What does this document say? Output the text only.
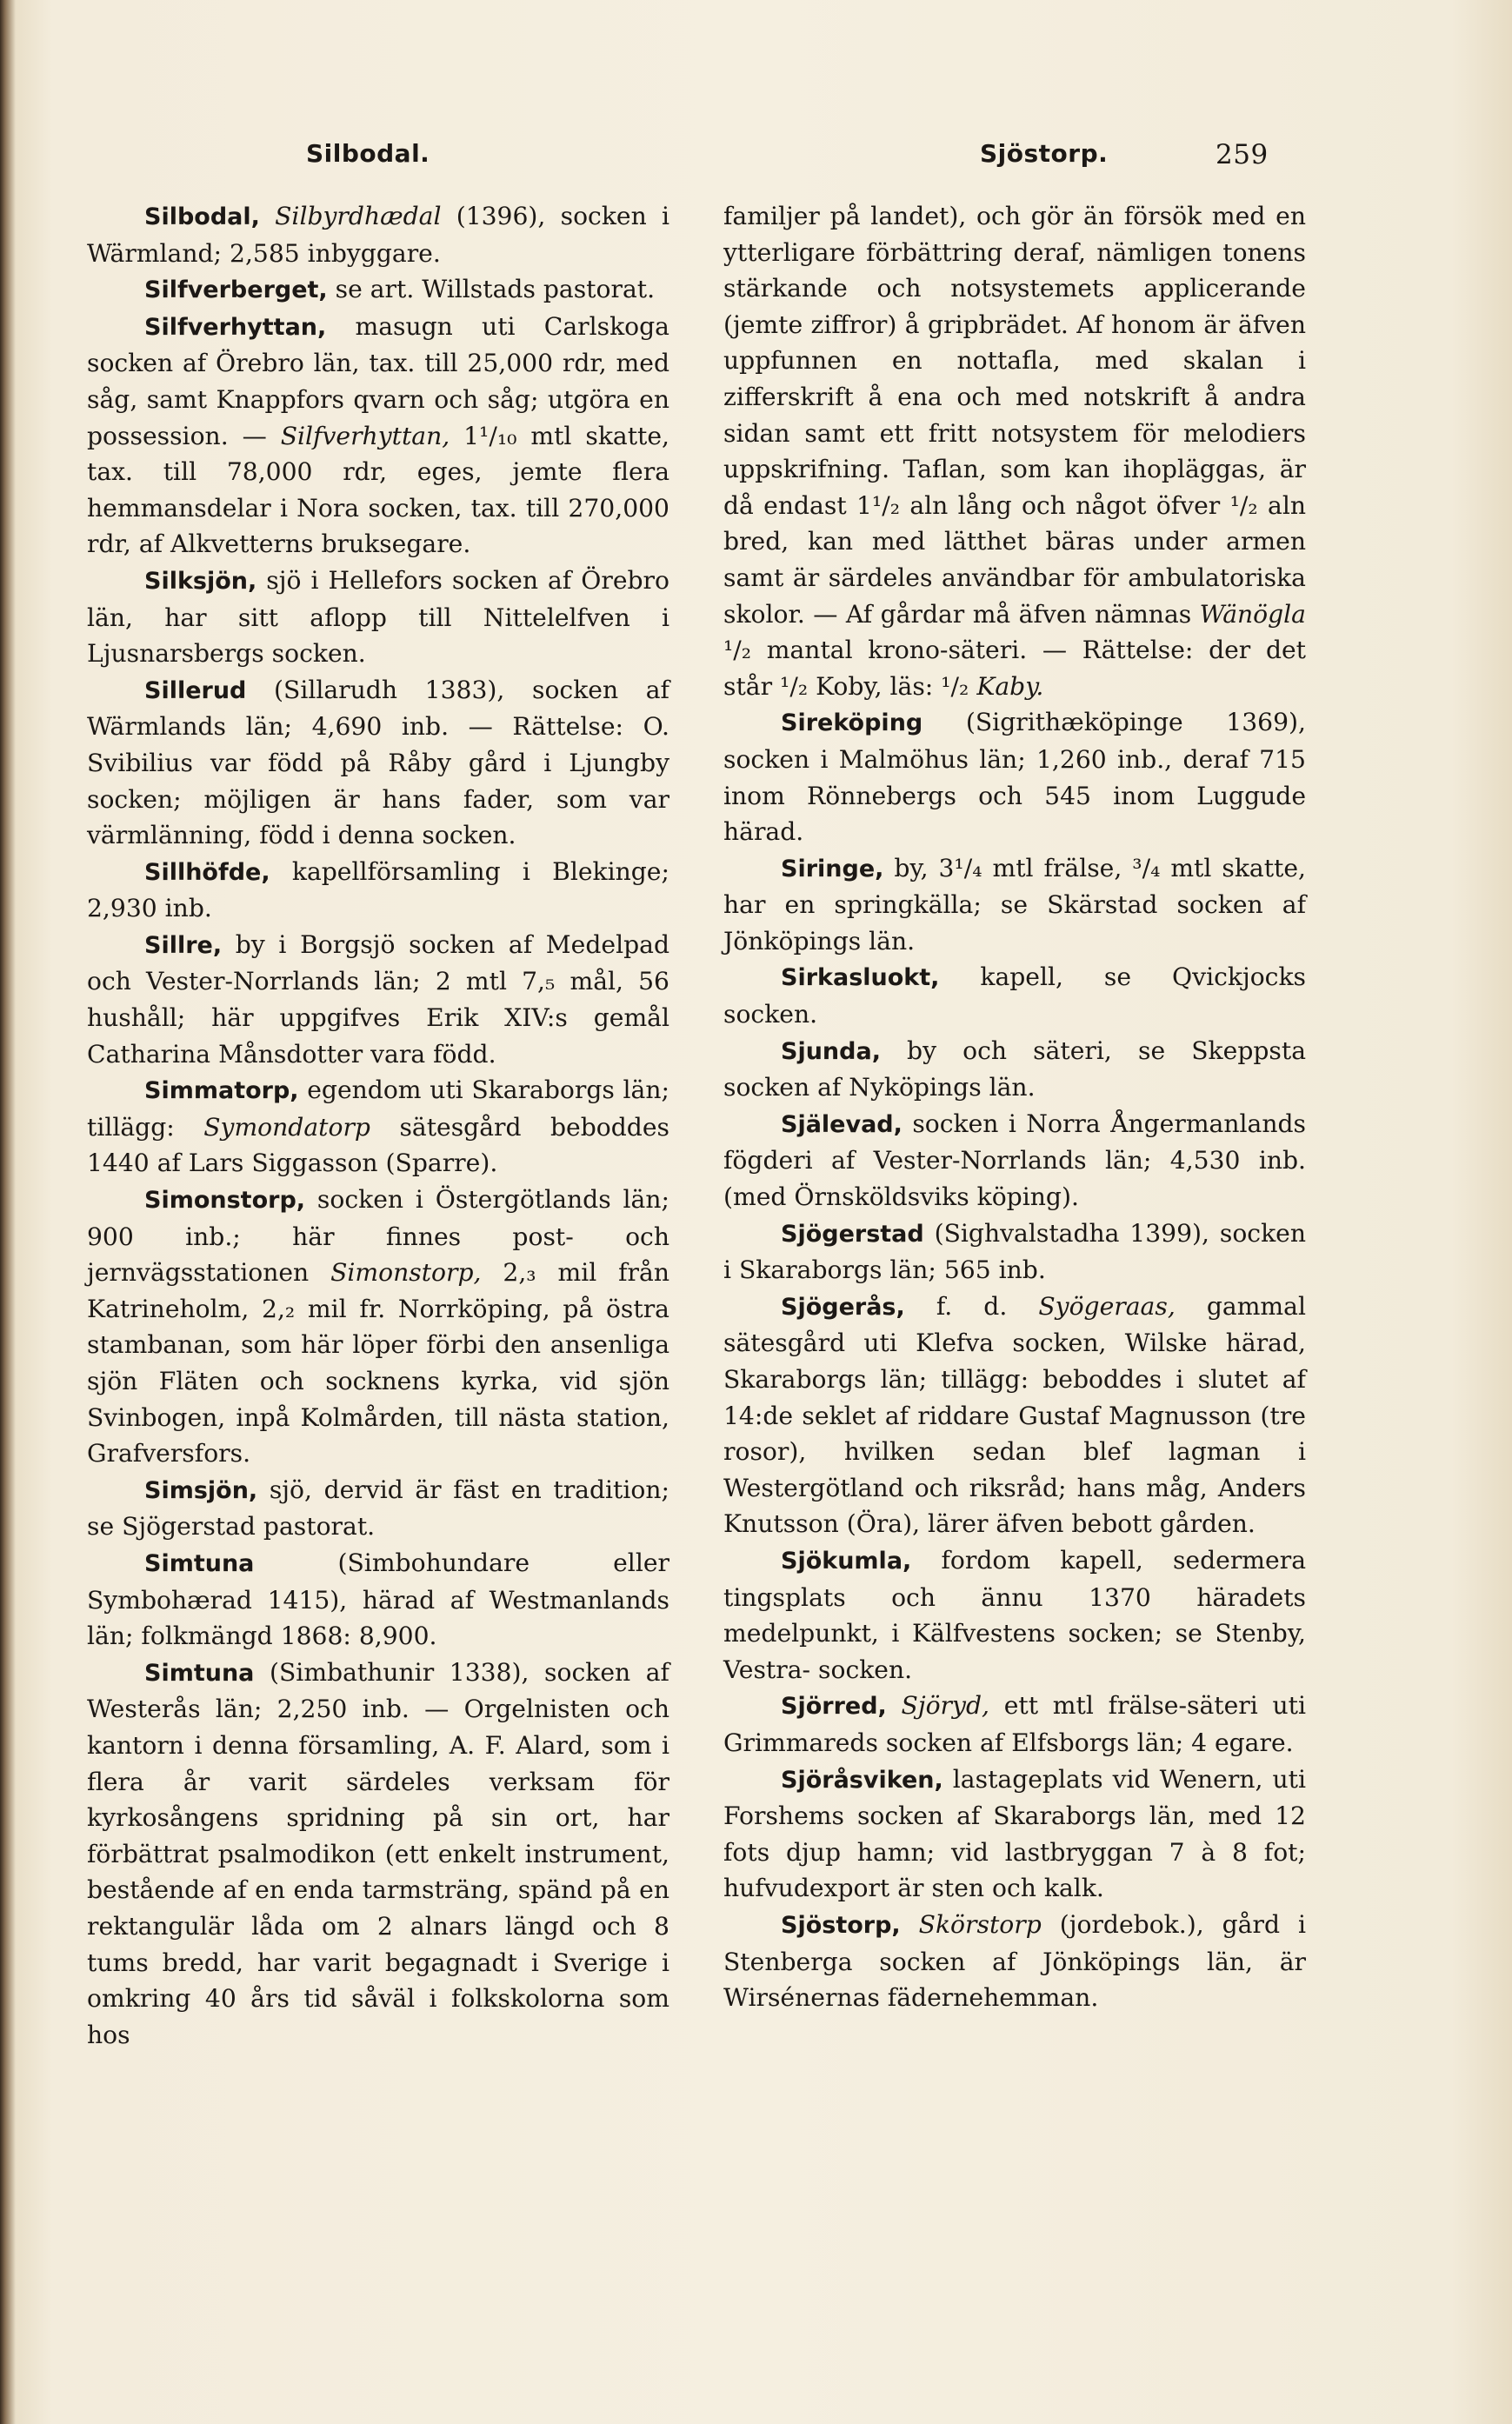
Silbodal.	Sjöstorp.	259

Silbodal, Silbyrdhædal (1396), socken i Wärmland; 2,585 inbyggare.

Silfverberget, se art. Willstads pastorat.

Silfverhyttan, masugn uti Carlskoga socken af Örebro län, tax. till 25,000 rdr, med såg, samt Knappfors qvarn och såg; utgöra en possession. — Silfverhyttan, 1¹/₁₀ mtl skatte, tax. till 78,000 rdr, eges, jemte flera hemmansdelar i Nora socken, tax. till 270,000 rdr, af Alkvetterns bruksegare.

Silksjön, sjö i Hellefors socken af Örebro län, har sitt aflopp till Nittelelfven i Ljusnarsbergs socken.

Sillerud (Sillarudh 1383), socken af Wärmlands län; 4,690 inb. — Rättelse: O. Svibilius var född på Råby gård i Ljungby socken; möjligen är hans fader, som var värmlänning, född i denna socken.

Sillhöfde, kapellförsamling i Blekinge; 2,930 inb.

Sillre, by i Borgsjö socken af Medelpad och Vester-Norrlands län; 2 mtl 7,₅ mål, 56 hushåll; här uppgifves Erik XIV:s gemål Catharina Månsdotter vara född.

Simmatorp, egendom uti Skaraborgs län; tillägg: Symondatorp sätesgård beboddes 1440 af Lars Siggasson (Sparre).

Simonstorp, socken i Östergötlands län; 900 inb.; här finnes post- och jernvägsstationen Simonstorp, 2,₃ mil från Katrineholm, 2,₂ mil fr. Norrköping, på östra stambanan, som här löper förbi den ansenliga sjön Fläten och socknens kyrka, vid sjön Svinbogen, inpå Kolmården, till nästa station, Grafversfors.

Simsjön, sjö, dervid är fäst en tradition; se Sjögerstad pastorat.

Simtuna (Simbohundare eller Symbohærad 1415), härad af Westmanlands län; folkmängd 1868: 8,900.

Simtuna (Simbathunir 1338), socken af Westerås län; 2,250 inb. — Orgelnisten och kantorn i denna församling, A. F. Alard, som i flera år varit särdeles verksam för kyrkosångens spridning på sin ort, har förbättrat psalmodikon (ett enkelt instrument, bestående af en enda tarmsträng, spänd på en rektangulär låda om 2 alnars längd och 8 tums bredd, har varit begagnadt i Sverige i omkring 40 års tid såväl i folkskolorna som hos

familjer på landet), och gör än försök med en ytterligare förbättring deraf, nämligen tonens stärkande och notsystemets applicerande (jemte ziffror) å gripbrädet. Af honom är äfven uppfunnen en nottafla, med skalan i zifferskrift å ena och med notskrift å andra sidan samt ett fritt notsystem för melodiers uppskrifning. Taflan, som kan ihopläggas, är då endast 1¹/₂ aln lång och något öfver ¹/₂ aln bred, kan med lätthet bäras under armen samt är särdeles användbar för ambulatoriska skolor. — Af gårdar må äfven nämnas Wänögla ¹/₂ mantal krono-säteri. — Rättelse: der det står ¹/₂ Koby, läs: ¹/₂ Kaby.

Sireköping (Sigrithæköpinge 1369), socken i Malmöhus län; 1,260 inb., deraf 715 inom Rönnebergs och 545 inom Luggude härad.

Siringe, by, 3¹/₄ mtl frälse, ³/₄ mtl skatte, har en springkälla; se Skärstad socken af Jönköpings län.

Sirkasluokt, kapell, se Qvickjocks socken.

Sjunda, by och säteri, se Skeppsta socken af Nyköpings län.

Själevad, socken i Norra Ångermanlands fögderi af Vester-Norrlands län; 4,530 inb. (med Örnsköldsviks köping).

Sjögerstad (Sighvalstadha 1399), socken i Skaraborgs län; 565 inb.

Sjögerås, f. d. Syögeraas, gammal sätesgård uti Klefva socken, Wilske härad, Skaraborgs län; tillägg: beboddes i slutet af 14:de seklet af riddare Gustaf Magnusson (tre rosor), hvilken sedan blef lagman i Westergötland och riksråd; hans måg, Anders Knutsson (Öra), lärer äfven bebott gården.

Sjökumla, fordom kapell, sedermera tingsplats och ännu 1370 häradets medelpunkt, i Kälfvestens socken; se Stenby, Vestra- socken.

Sjörred, Sjöryd, ett mtl frälse-säteri uti Grimmareds socken af Elfsborgs län; 4 egare.

Sjöråsviken, lastageplats vid Wenern, uti Forshems socken af Skaraborgs län, med 12 fots djup hamn; vid lastbryggan 7 à 8 fot; hufvudexport är sten och kalk.

Sjöstorp, Skörstorp (jordebok.), gård i Stenberga socken af Jönköpings län, är Wirsénernas fädernehemman.
